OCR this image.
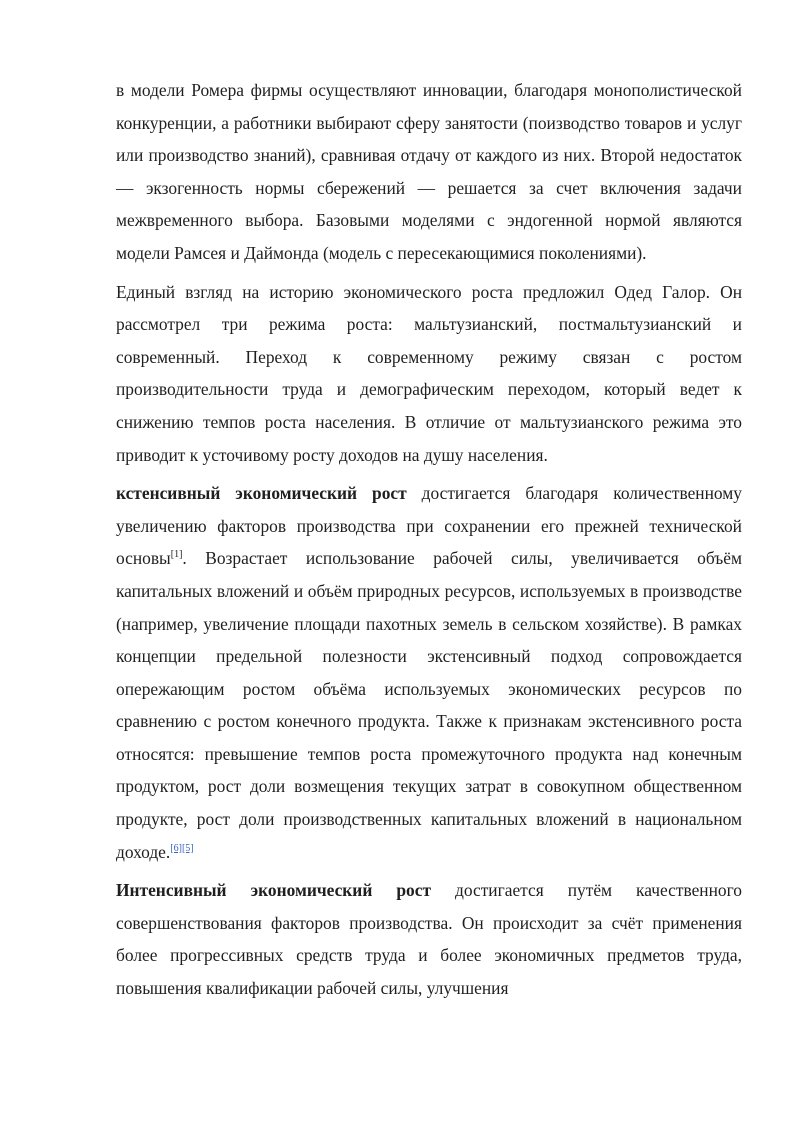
в модели Ромера фирмы осуществляют инновации, благодаря монополистической конкуренции, а работники выбирают сферу занятости (поизводство товаров и услуг или производство знаний), сравнивая отдачу от каждого из них. Второй недостаток — экзогенность нормы сбережений — решается за счет включения задачи межвременного выбора. Базовыми моделями с эндогенной нормой являются модели Рамсея и Даймонда (модель с пересекающимися поколениями).

Единый взгляд на историю экономического роста предложил Одед Галор. Он рассмотрел три режима роста: мальтузианский, постмальтузианский и современный. Переход к современному режиму связан с ростом производительности труда и демографическим переходом, который ведет к снижению темпов роста населения. В отличие от мальтузианского режима это приводит к усточивому росту доходов на душу населения.

кстенсивный экономический рост достигается благодаря количественному увеличению факторов производства при сохранении его прежней технической основы[1]. Возрастает использование рабочей силы, увеличивается объём капитальных вложений и объём природных ресурсов, используемых в производстве (например, увеличение площади пахотных земель в сельском хозяйстве). В рамках концепции предельной полезности экстенсивный подход сопровождается опережающим ростом объёма используемых экономических ресурсов по сравнению с ростом конечного продукта. Также к признакам экстенсивного роста относятся: превышение темпов роста промежуточного продукта над конечным продуктом, рост доли возмещения текущих затрат в совокупном общественном продукте, рост доли производственных капитальных вложений в национальном доходе.[6][5]

Интенсивный экономический рост достигается путём качественного совершенствования факторов производства. Он происходит за счёт применения более прогрессивных средств труда и более экономичных предметов труда, повышения квалификации рабочей силы, улучшения
